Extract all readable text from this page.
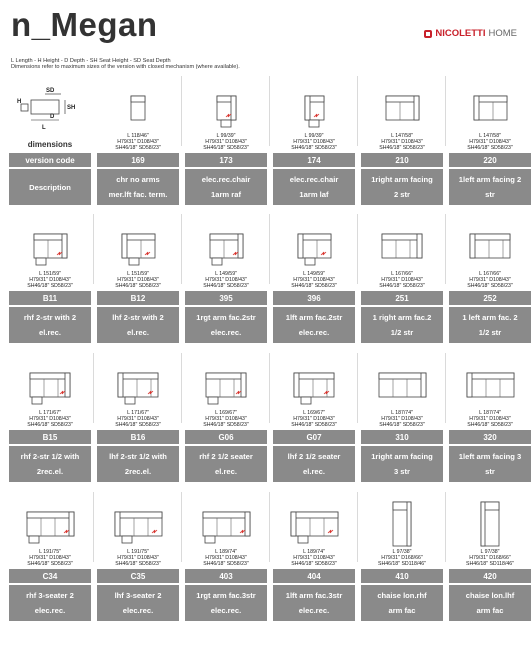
n_Megan	NICOLETTI HOME
L Length - H Height - D Depth - SH Seat Height - SD Seat Depth
Dimensions refer to maximum sizes of the version with closed mechanism (where available).
SD
H
SH
D
L
dimensions
version code
Description
L 118/46"
H79/31" D108/43"
SH46/18" SD58/23"
169
chr no arms
mer.lft fac. term.
L 99/39"
H79/31" D108/43"
SH46/18" SD58/23"
173
elec.rec.chair
1arm raf
L 99/39"
H79/31" D108/43"
SH46/18" SD58/23"
174
elec.rec.chair
1arm laf
L 147/58"
H79/31" D108/43"
SH46/18" SD58/23"
210
1right arm facing
2 str
L 147/58"
H79/31" D108/43"
SH46/18" SD58/23"
220
1left arm facing 2
str
L 151/59"
H79/31" D108/43"
SH46/18" SD58/23"
B11
rhf 2-str with 2
el.rec.
L 151/59"
H79/31" D108/43"
SH46/18" SD58/23"
B12
lhf 2-str with 2
el.rec.
L 149/59"
H79/31" D108/43"
SH46/18" SD58/23"
395
1rgt arm fac.2str
elec.rec.
L 149/59"
H79/31" D108/43"
SH46/18" SD58/23"
396
1lft arm fac.2str
elec.rec.
L 167/66"
H79/31" D108/43"
SH46/18" SD58/23"
251
1 right arm fac.2
1/2 str
L 167/66"
H79/31" D108/43"
SH46/18" SD58/23"
252
1 left arm fac. 2
1/2 str
L 171/67"
H79/31" D108/43"
SH46/18" SD58/23"
B15
rhf 2-str 1/2 with
2rec.el.
L 171/67"
H79/31" D108/43"
SH46/18" SD58/23"
B16
lhf 2-str 1/2 with
2rec.el.
L 169/67"
H79/31" D108/43"
SH46/18" SD58/23"
G06
rhf 2 1/2 seater
el.rec.
L 169/67"
H79/31" D108/43"
SH46/18" SD58/23"
G07
lhf 2 1/2 seater
el.rec.
L 187/74"
H79/31" D108/43"
SH46/18" SD58/23"
310
1right arm facing
3 str
L 187/74"
H79/31" D108/43"
SH46/18" SD58/23"
320
1left arm facing 3
str
L 191/75"
H79/31" D108/43"
SH46/18" SD58/23"
C34
rhf 3-seater 2
elec.rec.
L 191/75"
H79/31" D108/43"
SH46/18" SD58/23"
C35
lhf 3-seater 2
elec.rec.
L 189/74"
H79/31" D108/43"
SH46/18" SD58/23"
403
1rgt arm fac.3str
elec.rec.
L 189/74"
H79/31" D108/43"
SH46/18" SD58/23"
404
1lft arm fac.3str
elec.rec.
L 97/38"
H79/31" D168/66"
SH46/18" SD118/46"
410
chaise lon.rhf
arm fac
L 97/38"
H79/31" D168/66"
SH46/18" SD118/46"
420
chaise lon.lhf
arm fac
